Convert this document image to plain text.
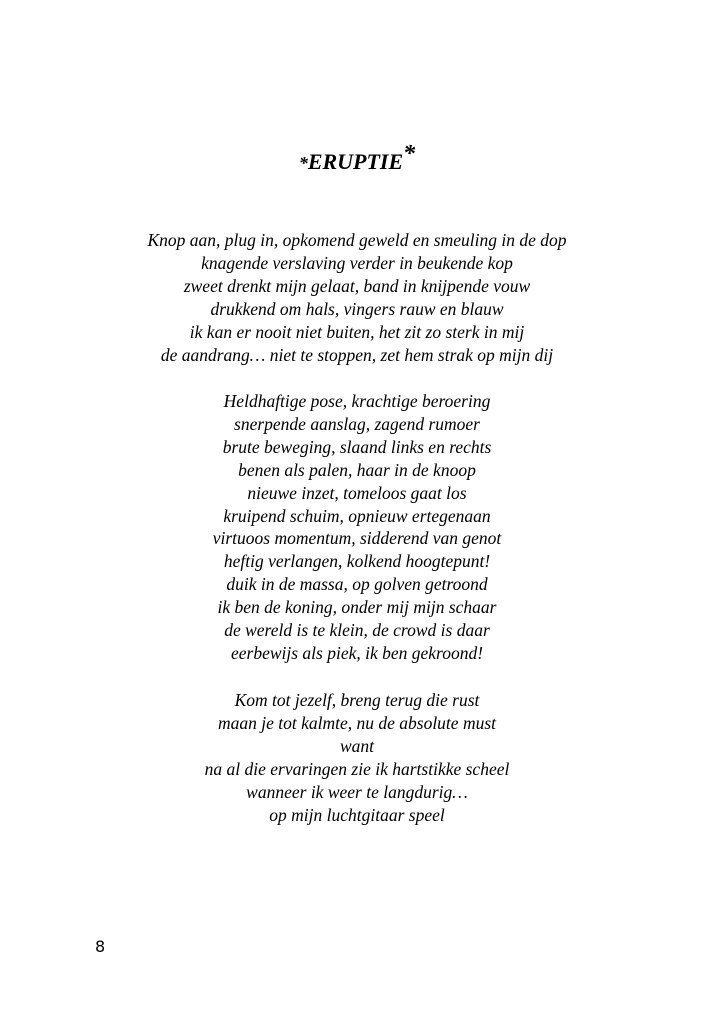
*ERUPTIE*
Knop aan, plug in, opkomend geweld en smeuling in de dop
knagende verslaving verder in beukende kop
zweet drenkt mijn gelaat, band in knijpende vouw
drukkend om hals, vingers rauw en blauw
ik kan er nooit niet buiten, het zit zo sterk in mij
de aandrang… niet te stoppen, zet hem strak op mijn dij
Heldhaftige pose, krachtige beroering
snerpende aanslag, zagend rumoer
brute beweging, slaand links en rechts
benen als palen, haar in de knoop
nieuwe inzet, tomeloos gaat los
kruipend schuim, opnieuw ertegenaan
virtuoos momentum, sidderend van genot
heftig verlangen, kolkend hoogtepunt!
duik in de massa, op golven getroond
ik ben de koning, onder mij mijn schaar
de wereld is te klein, de crowd is daar
eerbewijs als piek, ik ben gekroond!
Kom tot jezelf, breng terug die rust
maan je tot kalmte, nu de absolute must
want
na al die ervaringen zie ik hartstikke scheel
wanneer ik weer te langdurig…
op mijn luchtgitaar speel
8
